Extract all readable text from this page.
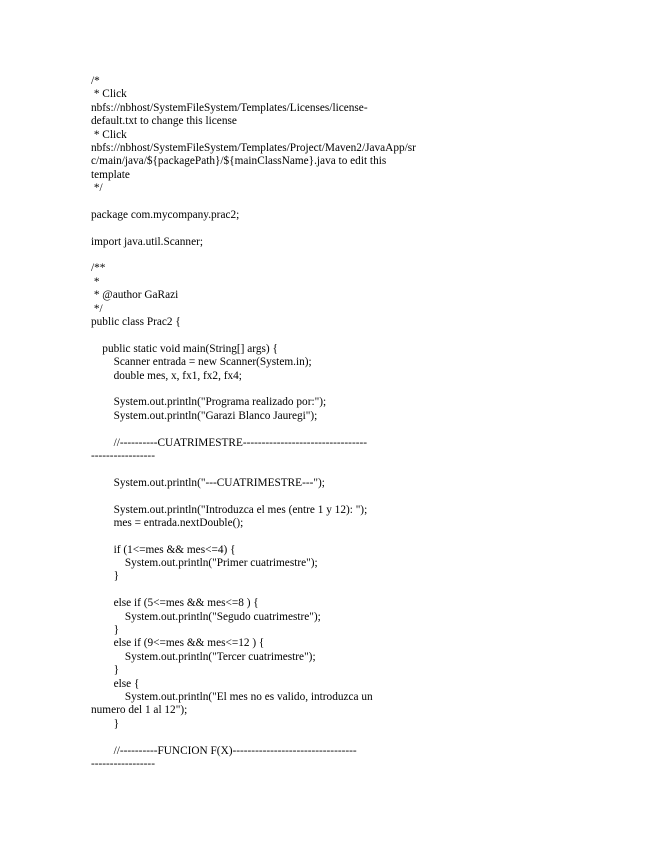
/*
* Click
nbfs://nbhost/SystemFileSystem/Templates/Licenses/license-
default.txt to change this license
* Click
nbfs://nbhost/SystemFileSystem/Templates/Project/Maven2/JavaApp/sr
c/main/java/${packagePath}/${mainClassName}.java to edit this
template
*/
package com.mycompany.prac2;
import java.util.Scanner;
/**
*
* @author GaRazi
*/
public class Prac2 {
public static void main(String[] args) {
Scanner entrada = new Scanner(System.in);
double mes, x, fx1, fx2, fx4;
System.out.println("Programa realizado por:");
System.out.println("Garazi Blanco Jauregi");
//----------CUATRIMESTRE---------------------------------
-----------------
System.out.println("---CUATRIMESTRE---");
System.out.println("Introduzca el mes (entre 1 y 12): ");
mes = entrada.nextDouble();
if (1<=mes && mes<=4) {
System.out.println("Primer cuatrimestre");
}
else if (5<=mes && mes<=8 ) {
System.out.println("Segudo cuatrimestre");
}
else if (9<=mes && mes<=12 ) {
System.out.println("Tercer cuatrimestre");
}
else {
System.out.println("El mes no es valido, introduzca un
numero del 1 al 12");
}
//----------FUNCION F(X)---------------------------------
-----------------
